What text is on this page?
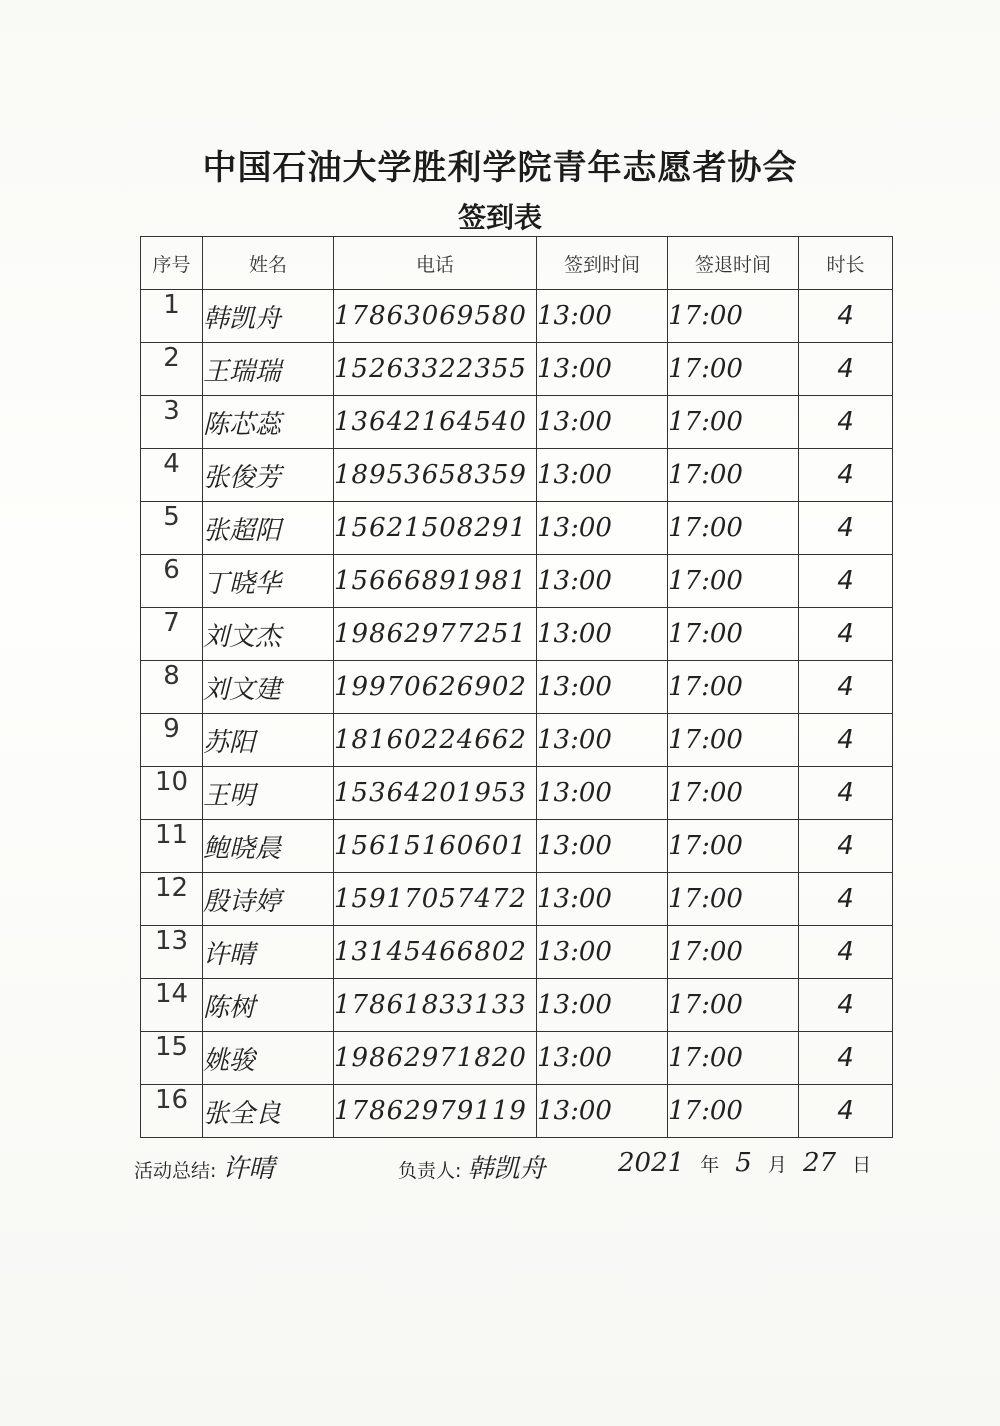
中国石油大学胜利学院青年志愿者协会
签到表
序号	姓名	电话	签到时间	签退时间	时长
1	韩凯舟	17863069580	13:00	17:00	4
2	王瑞瑞	15263322355	13:00	17:00	4
3	陈芯蕊	13642164540	13:00	17:00	4
4	张俊芳	18953658359	13:00	17:00	4
5	张超阳	15621508291	13:00	17:00	4
6	丁晓华	15666891981	13:00	17:00	4
7	刘文杰	19862977251	13:00	17:00	4
8	刘文建	19970626902	13:00	17:00	4
9	苏阳	18160224662	13:00	17:00	4
10	王明	15364201953	13:00	17:00	4
11	鲍晓晨	15615160601	13:00	17:00	4
12	殷诗婷	15917057472	13:00	17:00	4
13	许晴	13145466802	13:00	17:00	4
14	陈树	17861833133	13:00	17:00	4
15	姚骏	19862971820	13:00	17:00	4
16	张全良	17862979119	13:00	17:00	4
活动总结: 许晴	负责人: 韩凯舟	2021 年 5 月 27 日
